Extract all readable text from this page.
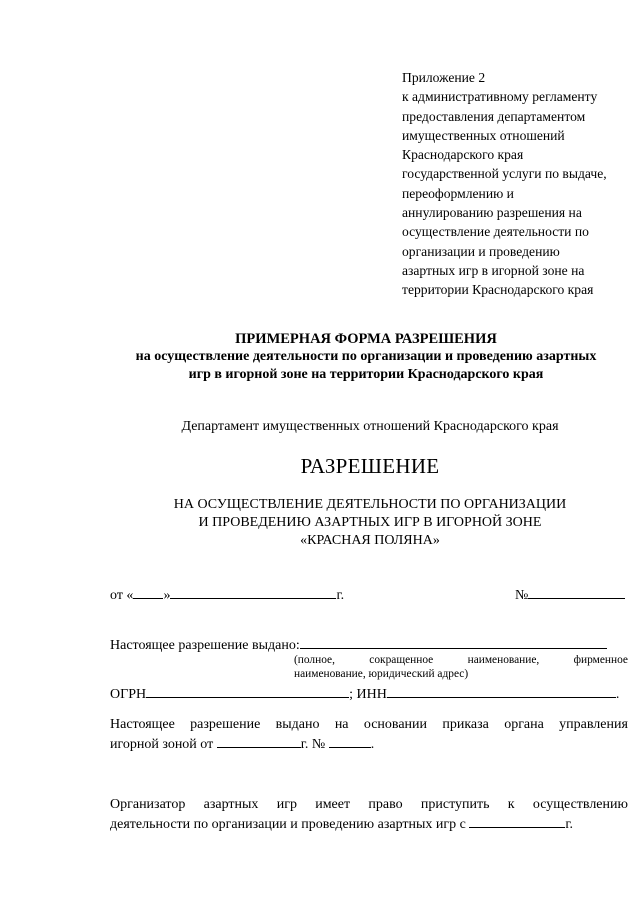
Приложение 2
к административному регламенту
предоставления департаментом
имущественных отношений
Краснодарского края
государственной услуги по выдаче,
переоформлению и
аннулированию разрешения на
осуществление деятельности по
организации и проведению
азартных игр в игорной зоне на
территории Краснодарского края
ПРИМЕРНАЯ ФОРМА РАЗРЕШЕНИЯ
на осуществление деятельности по организации и проведению азартных
игр в игорной зоне на территории Краснодарского края
Департамент имущественных отношений Краснодарского края
РАЗРЕШЕНИЕ
НА ОСУЩЕСТВЛЕНИЕ ДЕЯТЕЛЬНОСТИ ПО ОРГАНИЗАЦИИ
И ПРОВЕДЕНИЮ АЗАРТНЫХ ИГР В ИГОРНОЙ ЗОНЕ
«КРАСНАЯ ПОЛЯНА»
от « »	г.	№
Настоящее разрешение выдано:
(полное,	сокращенное	наименование,	фирменное
наименование, юридический адрес)
ОГРН	; ИНН	.
Настоящее разрешение выдано на основании приказа органа управления
игорной зоной от	г. №	.
Организатор азартных игр имеет право приступить к осуществлению
деятельности по организации и проведению азартных игр с	г.
